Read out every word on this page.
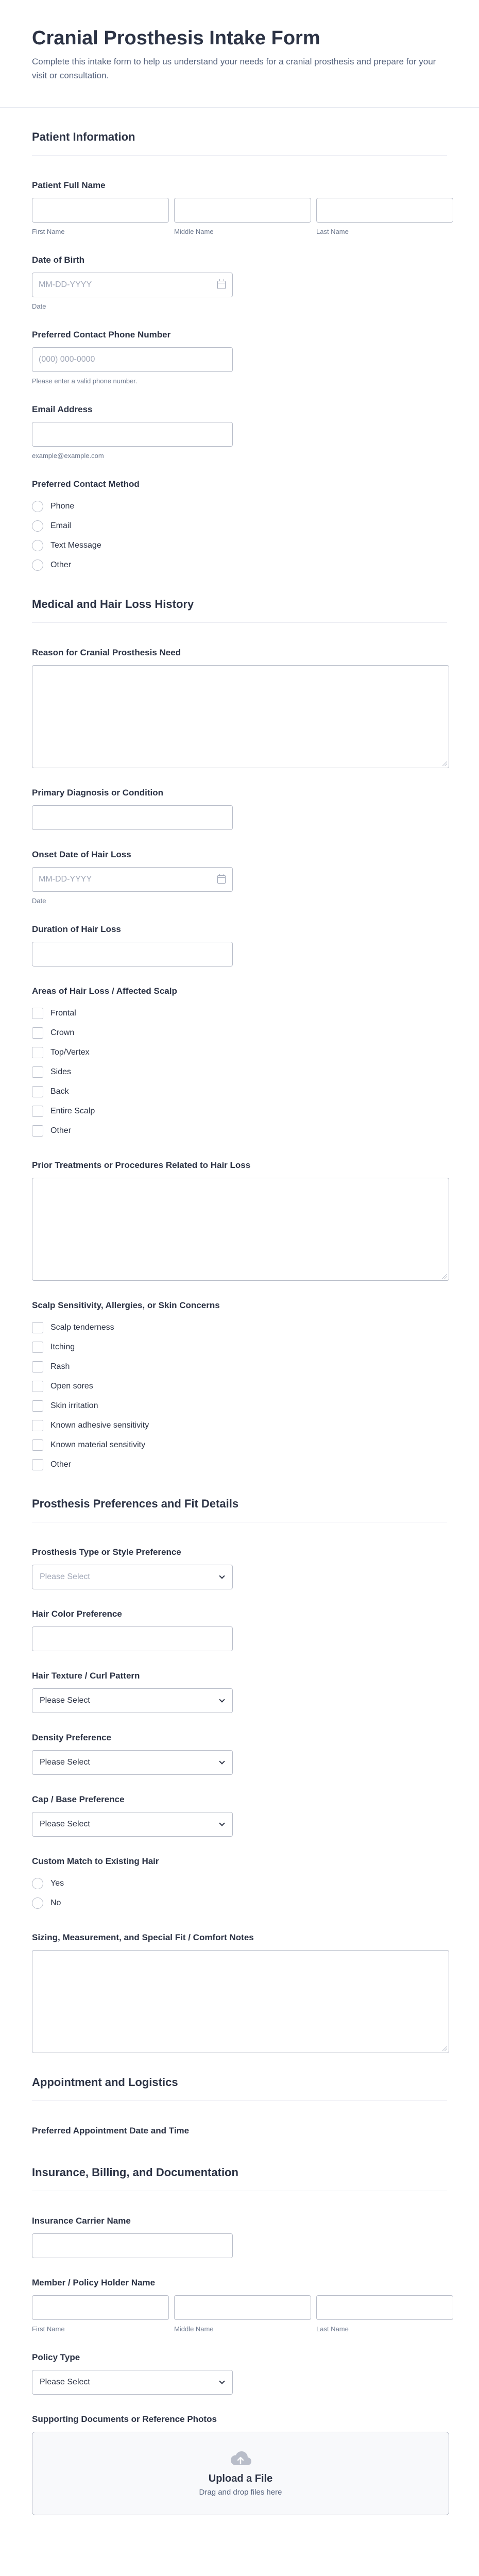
Cranial Prosthesis Intake Form

Complete this intake form to help us understand your needs for a cranial prosthesis and prepare for your visit or consultation.

Patient Information
Patient Full Name
First Name	Middle Name	Last Name
Date of Birth
MM-DD-YYYY
Date
Preferred Contact Phone Number
(000) 000-0000
Please enter a valid phone number.
Email Address
example@example.com
Preferred Contact Method
Phone
Email
Text Message
Other
Medical and Hair Loss History
Reason for Cranial Prosthesis Need
Primary Diagnosis or Condition
Onset Date of Hair Loss
MM-DD-YYYY
Date
Duration of Hair Loss
Areas of Hair Loss / Affected Scalp
Frontal
Crown
Top/Vertex
Sides
Back
Entire Scalp
Other
Prior Treatments or Procedures Related to Hair Loss
Scalp Sensitivity, Allergies, or Skin Concerns
Scalp tenderness
Itching
Rash
Open sores
Skin irritation
Known adhesive sensitivity
Known material sensitivity
Other
Prosthesis Preferences and Fit Details
Prosthesis Type or Style Preference
Please Select
Hair Color Preference
Hair Texture / Curl Pattern
Please Select
Density Preference
Please Select
Cap / Base Preference
Please Select
Custom Match to Existing Hair
Yes
No
Sizing, Measurement, and Special Fit / Comfort Notes
Appointment and Logistics
Preferred Appointment Date and Time
Insurance, Billing, and Documentation
Insurance Carrier Name
Member / Policy Holder Name
First Name	Middle Name	Last Name
Policy Type
Please Select
Supporting Documents or Reference Photos
Upload a File
Drag and drop files here
